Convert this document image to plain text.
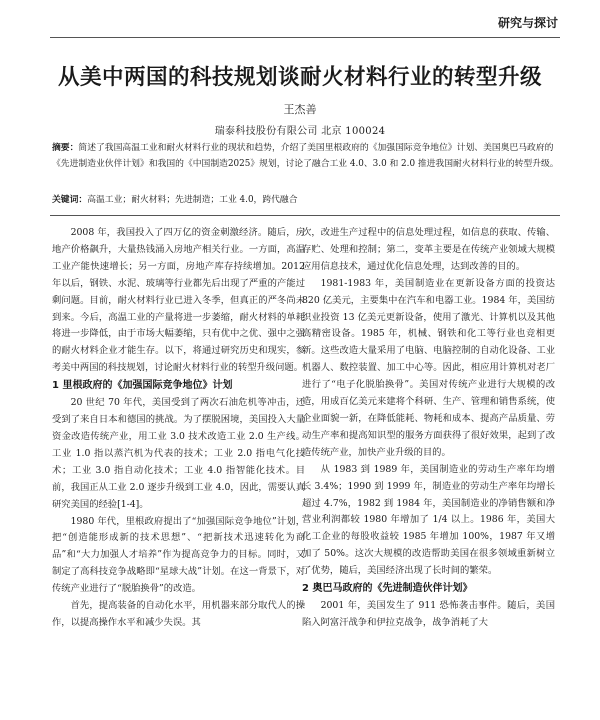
研究与探讨
从美中两国的科技规划谈耐火材料行业的转型升级
王杰善
瑞泰科技股份有限公司 北京 100024
摘要：简述了我国高温工业和耐火材料行业的现状和趋势，介绍了美国里根政府的《加强国际竞争地位》计划、美国奥巴马政府的《先进制造业伙伴计划》和我国的《中国制造2025》规划，讨论了融合工业 4.0、3.0 和 2.0 推进我国耐火材料行业的转型升级。
关键词：高温工业；耐火材料；先进制造；工业 4.0，跨代融合

2008 年，我国投入了四万亿的资金刺激经济。随后，房地产价格飙升，大量热钱涌入房地产相关行业。一方面，高温工业产能快速增长；另一方面，房地产库存持续增加。2012 年以后，钢铁、水泥、玻璃等行业都先后出现了严重的产能过剩问题。目前，耐火材料行业已进入冬季，但真正的严冬尚未到来。今后，高温工业的产量将进一步萎缩，耐火材料的单耗将进一步降低，由于市场大幅萎缩，只有优中之优、强中之强的耐火材料企业才能生存。以下，将通过研究历史和现实，参考美中两国的科技规划，讨论耐火材料行业的转型升级问题。

1 里根政府的《加强国际竞争地位》计划

20 世纪 70 年代，美国受到了两次石油危机等冲击，还受到了来自日本和德国的挑战。为了摆脱困境，美国投入大量资金改造传统产业，用工业 3.0 技术改造工业 2.0 生产线。工业 1.0 指以蒸汽机为代表的技术；工业 2.0 指电气化技术；工业 3.0 指自动化技术；工业 4.0 指智能化技术。目前，我国正从工业 2.0 逐步升级到工业 4.0，因此，需要认真研究美国的经验[1-4]。

1980 年代，里根政府提出了“加强国际竞争地位”计划，把“创造能形成新的技术思想”、“把新技术迅速转化为商品”和“大力加强人才培养”作为提高竞争力的目标。同时，又制定了高科技竞争战略即“星球大战”计划。在这一背景下，对传统产业进行了“脱胎换骨”的改造。

首先，提高装备的自动化水平，用机器来部分取代人的操作，以提高操作水平和减少失误。其

次，改进生产过程中的信息处理过程，如信息的获取、传输、存贮、处理和控制；第二，变革主要是在传统产业领域大规模应用信息技术，通过优化信息处理，达到改善的目的。

1981-1983 年，美国制造业在更新设备方面的投资达 820 亿美元，主要集中在汽车和电器工业。1984 年，美国纺织业投资 13 亿美元更新设备，使用了激光、计算机以及其他高精密设备。1985 年，机械、钢铁和化工等行业也竞相更新。这些改造大量采用了电脑、电脑控制的自动化设备、工业机器人、数控装置、加工中心等。因此，相应用计算机对老厂进行了“电子化脱胎换骨”。美国对传统产业进行大规模的改造，用成百亿美元来建将个科研、生产、管理和销售系统，使企业面貌一新，在降低能耗、物耗和成本、提高产品质量、劳动生产率和提高知识型的服务方面获得了很好效果，起到了改造传统产业，加快产业升级的目的。

从 1983 到 1989 年，美国制造业的劳动生产率年均增长 3.4%；1990 到 1999 年，制造业的劳动生产率年均增长超过 4.7%，1982 到 1984 年，美国制造业的净销售额和净营业利润都较 1980 年增加了 1/4 以上。1986 年，美国大化工企业的每股收益较 1985 年增加 100%，1987 年又增加了 50%。这次大规模的改造帮助美国在很多领域重新树立了优势，随后，美国经济出现了长时间的繁荣。

2 奥巴马政府的《先进制造伙伴计划》

2001 年，美国发生了 911 恐怖袭击事件。随后，美国陷入阿富汗战争和伊拉克战争，战争消耗了大
